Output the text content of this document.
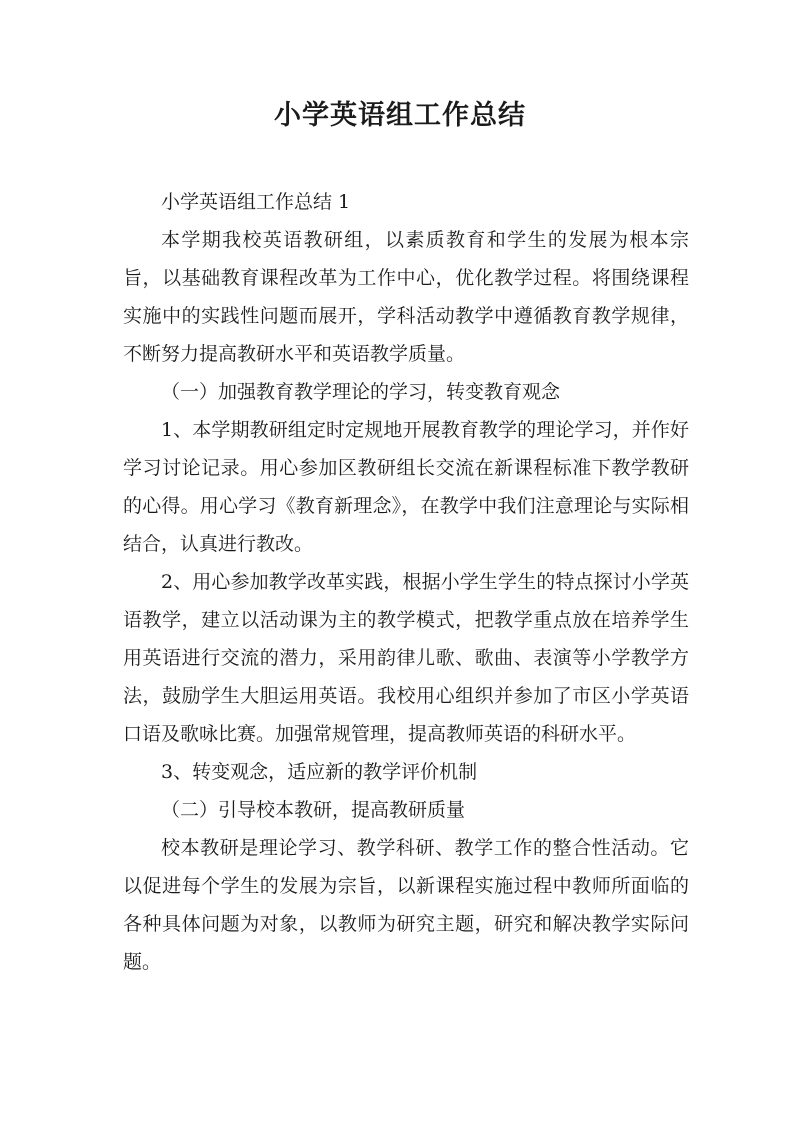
小学英语组工作总结

小学英语组工作总结 1

本学期我校英语教研组，以素质教育和学生的发展为根本宗旨，以基础教育课程改革为工作中心，优化教学过程。将围绕课程实施中的实践性问题而展开，学科活动教学中遵循教育教学规律，不断努力提高教研水平和英语教学质量。

（一）加强教育教学理论的学习，转变教育观念

1、本学期教研组定时定规地开展教育教学的理论学习，并作好学习讨论记录。用心参加区教研组长交流在新课程标准下教学教研的心得。用心学习《教育新理念》，在教学中我们注意理论与实际相结合，认真进行教改。

2、用心参加教学改革实践，根据小学生学生的特点探讨小学英语教学，建立以活动课为主的教学模式，把教学重点放在培养学生用英语进行交流的潜力，采用韵律儿歌、歌曲、表演等小学教学方法，鼓励学生大胆运用英语。我校用心组织并参加了市区小学英语口语及歌咏比赛。加强常规管理，提高教师英语的科研水平。

3、转变观念，适应新的教学评价机制

（二）引导校本教研，提高教研质量

校本教研是理论学习、教学科研、教学工作的整合性活动。它以促进每个学生的发展为宗旨，以新课程实施过程中教师所面临的各种具体问题为对象，以教师为研究主题，研究和解决教学实际问题。
